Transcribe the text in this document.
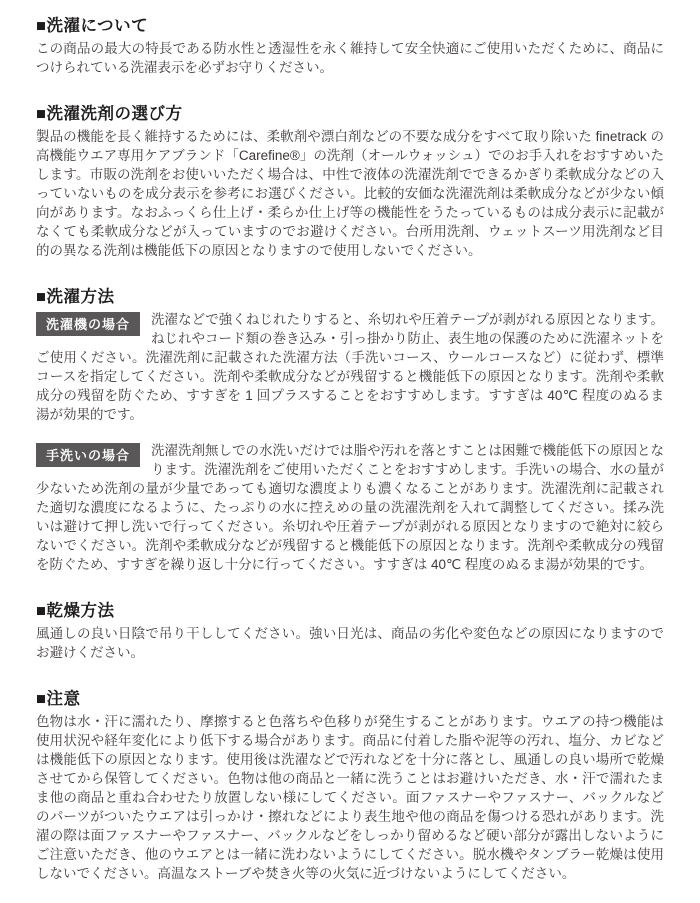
■洗濯について

この商品の最大の特長である防水性と透湿性を永く維持して安全快適にご使用いただくために、商品につけられている洗濯表示を必ずお守りください。

■洗濯洗剤の選び方

製品の機能を長く維持するためには、柔軟剤や漂白剤などの不要な成分をすべて取り除いた finetrack の高機能ウエア専用ケアブランド「Carefine®」の洗剤（オールウォッシュ）でのお手入れをおすすめいたします。市販の洗剤をお使いいただく場合は、中性で液体の洗濯洗剤でできるかぎり柔軟成分などの入っていないものを成分表示を参考にお選びください。比較的安価な洗濯洗剤は柔軟成分などが少ない傾向があります。なおふっくら仕上げ・柔らか仕上げ等の機能性をうたっているものは成分表示に記載がなくても柔軟成分などが入っていますのでお避けください。台所用洗剤、ウェットスーツ用洗剤など目的の異なる洗剤は機能低下の原因となりますので使用しないでください。

■洗濯方法
洗濯機の場合	洗濯などで強くねじれたりすると、糸切れや圧着テープが剥がれる原因となります。ねじれやコード類の巻き込み・引っ掛かり防止、表生地の保護のために洗濯ネットをご使用ください。洗濯洗剤に記載された洗濯方法（手洗いコース、ウールコースなど）に従わず、標準コースを指定してください。洗剤や柔軟成分などが残留すると機能低下の原因となります。洗剤や柔軟成分の残留を防ぐため、すすぎを 1 回プラスすることをおすすめします。すすぎは 40℃ 程度のぬるま湯が効果的です。
手洗いの場合	洗濯洗剤無しでの水洗いだけでは脂や汚れを落とすことは困難で機能低下の原因となります。洗濯洗剤をご使用いただくことをおすすめします。手洗いの場合、水の量が少ないため洗剤の量が少量であっても適切な濃度よりも濃くなることがあります。洗濯洗剤に記載された適切な濃度になるように、たっぷりの水に控えめの量の洗濯洗剤を入れて調整してください。揉み洗いは避けて押し洗いで行ってください。糸切れや圧着テープが剥がれる原因となりますので絶対に絞らないでください。洗剤や柔軟成分などが残留すると機能低下の原因となります。洗剤や柔軟成分の残留を防ぐため、すすぎを繰り返し十分に行ってください。すすぎは 40℃ 程度のぬるま湯が効果的です。
■乾燥方法

風通しの良い日陰で吊り干ししてください。強い日光は、商品の劣化や変色などの原因になりますのでお避けください。

■注意

色物は水・汗に濡れたり、摩擦すると色落ちや色移りが発生することがあります。ウエアの持つ機能は使用状況や経年変化により低下する場合があります。商品に付着した脂や泥等の汚れ、塩分、カビなどは機能低下の原因となります。使用後は洗濯などで汚れなどを十分に落とし、風通しの良い場所で乾燥させてから保管してください。色物は他の商品と一緒に洗うことはお避けいただき、水・汗で濡れたまま他の商品と重ね合わせたり放置しない様にしてください。面ファスナーやファスナー、バックルなどのパーツがついたウエアは引っかけ・擦れなどにより表生地や他の商品を傷つける恐れがあります。洗濯の際は面ファスナーやファスナー、バックルなどをしっかり留めるなど硬い部分が露出しないようにご注意いただき、他のウエアとは一緒に洗わないようにしてください。脱水機やタンブラー乾燥は使用しないでください。高温なストーブや焚き火等の火気に近づけないようにしてください。
